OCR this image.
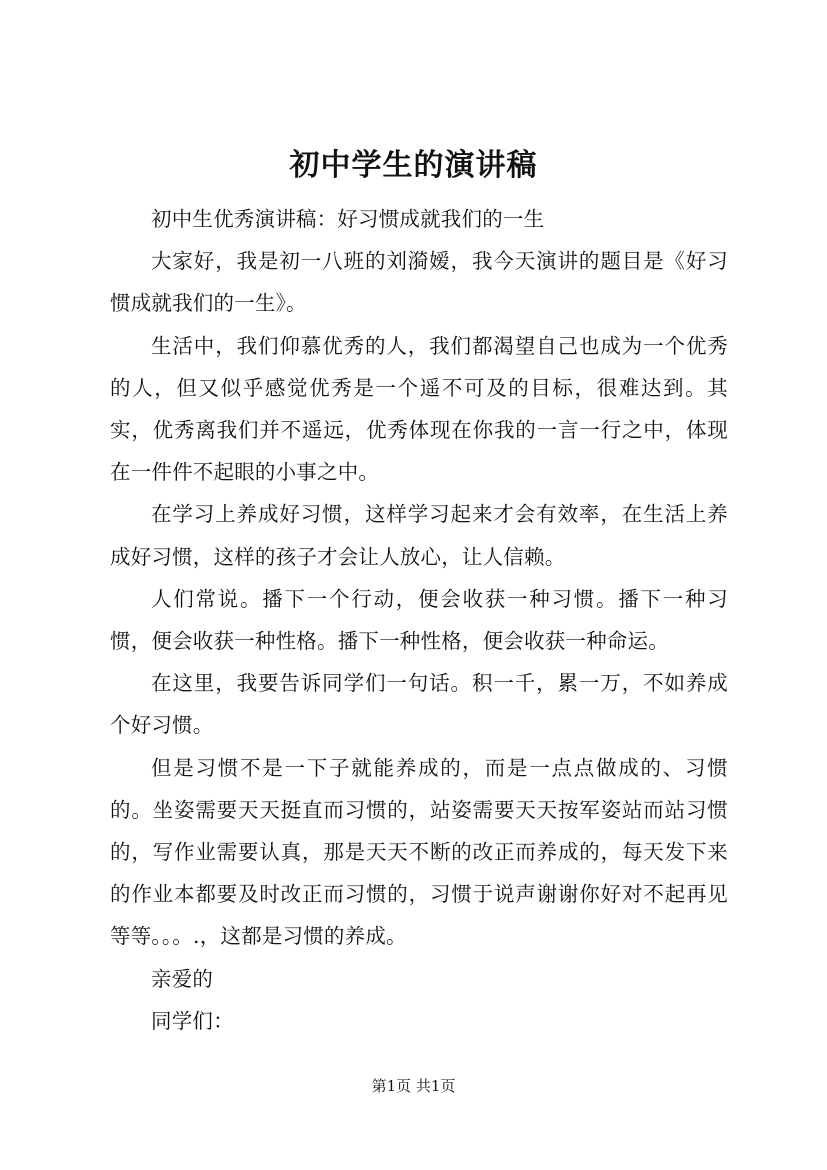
初中学生的演讲稿

初中生优秀演讲稿：好习惯成就我们的一生

大家好，我是初一八班的刘漪嫒，我今天演讲的题目是《好习惯成就我们的一生》。

生活中，我们仰慕优秀的人，我们都渴望自己也成为一个优秀的人，但又似乎感觉优秀是一个遥不可及的目标，很难达到。其实，优秀离我们并不遥远，优秀体现在你我的一言一行之中，体现在一件件不起眼的小事之中。

在学习上养成好习惯，这样学习起来才会有效率，在生活上养成好习惯，这样的孩子才会让人放心，让人信赖。

人们常说。播下一个行动，便会收获一种习惯。播下一种习惯，便会收获一种性格。播下一种性格，便会收获一种命运。

在这里，我要告诉同学们一句话。积一千，累一万，不如养成个好习惯。

但是习惯不是一下子就能养成的，而是一点点做成的、习惯的。坐姿需要天天挺直而习惯的，站姿需要天天按军姿站而站习惯的，写作业需要认真，那是天天不断的改正而养成的，每天发下来的作业本都要及时改正而习惯的，习惯于说声谢谢你好对不起再见等等。。。.，这都是习惯的养成。

亲爱的

同学们：

第1页 共1页
